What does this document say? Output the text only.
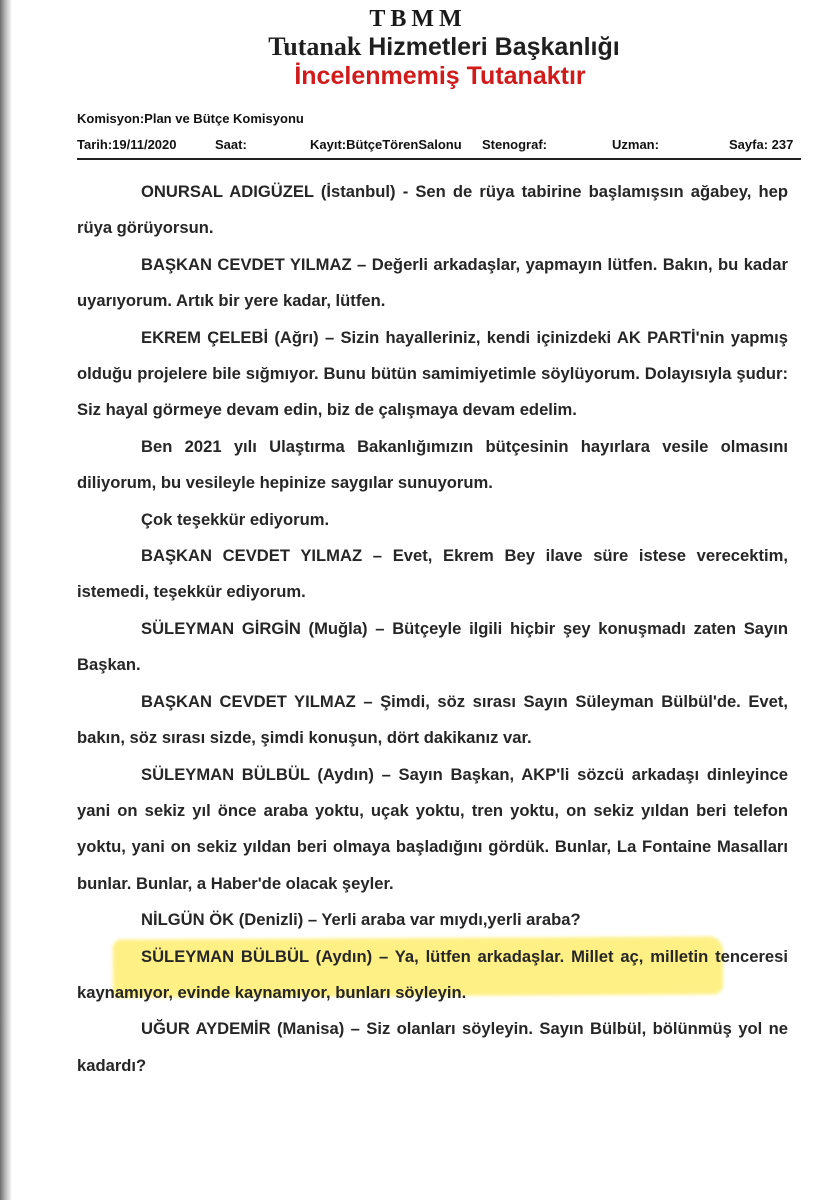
TBMM
Tutanak Hizmetleri Başkanlığı
İncelenmemiş Tutanaktır
Komisyon:Plan ve Bütçe Komisyonu
Tarih:19/11/2020	Saat:	Kayıt:BütçeTörenSalonu Stenograf:	Uzman:	Sayfa: 237

ONURSAL ADIGÜZEL (İstanbul) - Sen de rüya tabirine başlamışsın ağabey, hep rüya görüyorsun.

BAŞKAN CEVDET YILMAZ – Değerli arkadaşlar, yapmayın lütfen. Bakın, bu kadar uyarıyorum. Artık bir yere kadar, lütfen.

EKREM ÇELEBİ (Ağrı) – Sizin hayalleriniz, kendi içinizdeki AK PARTİ'nin yapmış olduğu projelere bile sığmıyor. Bunu bütün samimiyetimle söylüyorum. Dolayısıyla şudur: Siz hayal görmeye devam edin, biz de çalışmaya devam edelim.

Ben 2021 yılı Ulaştırma Bakanlığımızın bütçesinin hayırlara vesile olmasını diliyorum, bu vesileyle hepinize saygılar sunuyorum.

Çok teşekkür ediyorum.

BAŞKAN CEVDET YILMAZ – Evet, Ekrem Bey ilave süre istese verecektim, istemedi, teşekkür ediyorum.

SÜLEYMAN GİRGİN (Muğla) – Bütçeyle ilgili hiçbir şey konuşmadı zaten Sayın Başkan.

BAŞKAN CEVDET YILMAZ – Şimdi, söz sırası Sayın Süleyman Bülbül'de. Evet, bakın, söz sırası sizde, şimdi konuşun, dört dakikanız var.

SÜLEYMAN BÜLBÜL (Aydın) – Sayın Başkan, AKP'li sözcü arkadaşı dinleyince yani on sekiz yıl önce araba yoktu, uçak yoktu, tren yoktu, on sekiz yıldan beri telefon yoktu, yani on sekiz yıldan beri olmaya başladığını gördük. Bunlar, La Fontaine Masalları bunlar. Bunlar, a Haber'de olacak şeyler.

NİLGÜN ÖK (Denizli) – Yerli araba var mıydı,yerli araba?

SÜLEYMAN BÜLBÜL (Aydın) – Ya, lütfen arkadaşlar. Millet aç, milletin tenceresi kaynamıyor, evinde kaynamıyor, bunları söyleyin.

UĞUR AYDEMİR (Manisa) – Siz olanları söyleyin. Sayın Bülbül, bölünmüş yol ne kadardı?
